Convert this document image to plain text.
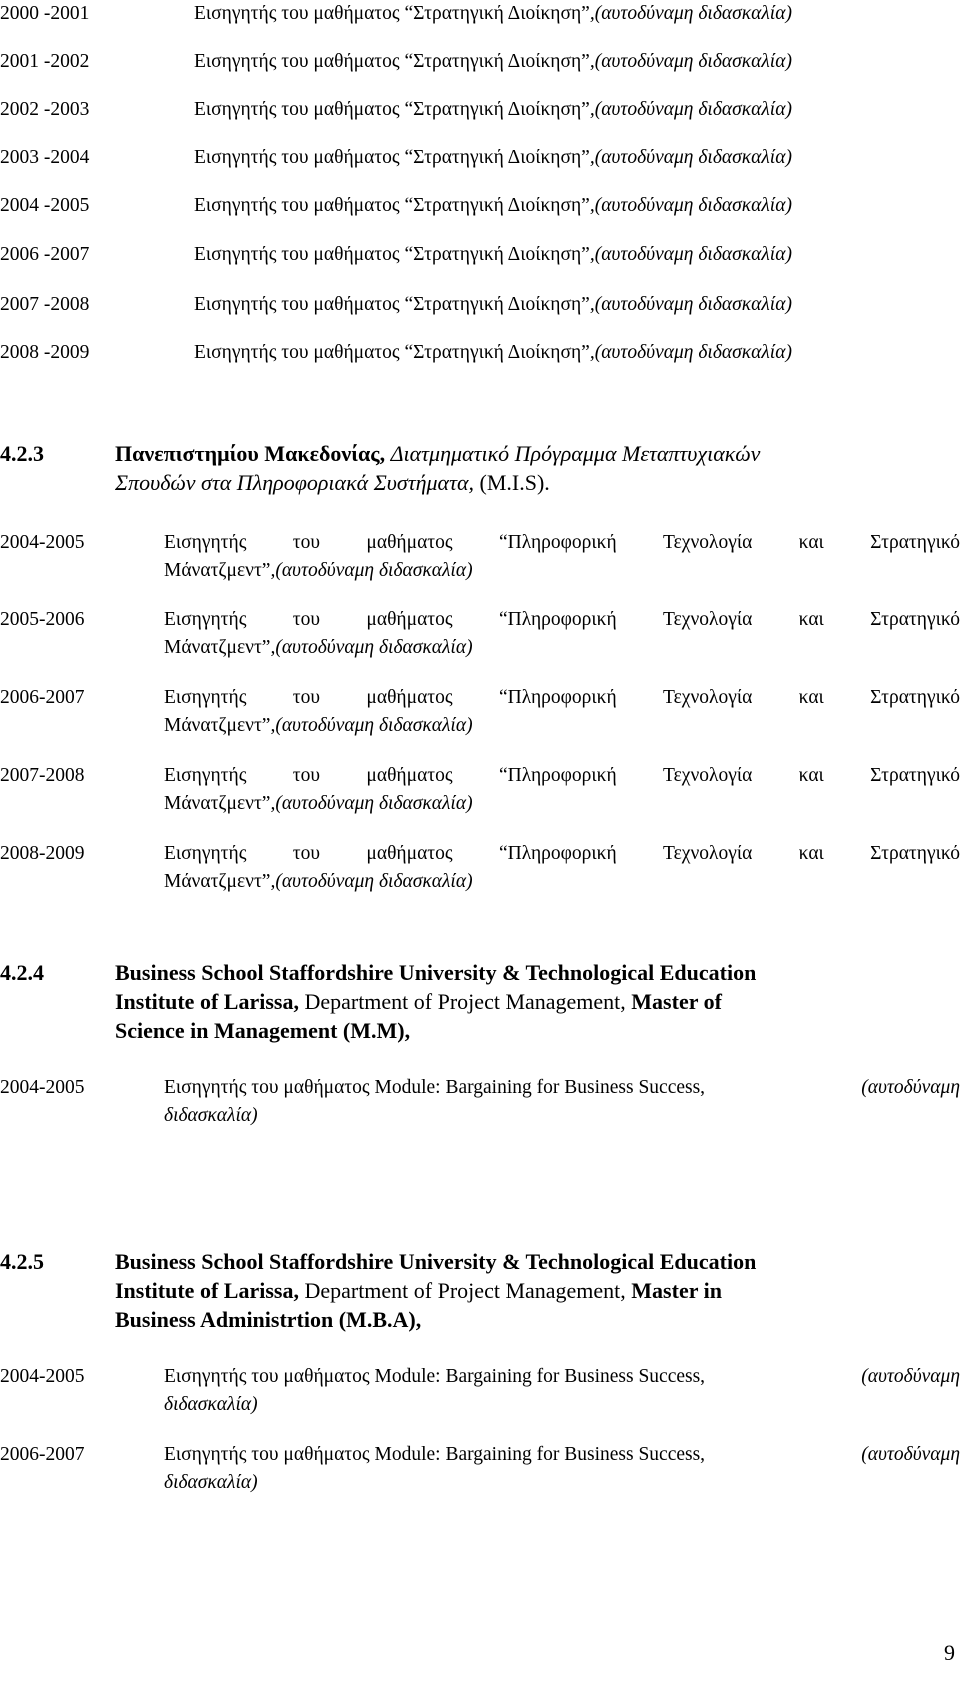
2000 -2001	Εισηγητής του μαθήματος “Στρατηγική Διοίκηση”,(αυτοδύναμη διδασκαλία)
2001 -2002	Εισηγητής του μαθήματος “Στρατηγική Διοίκηση”,(αυτοδύναμη διδασκαλία)
2002 -2003	Εισηγητής του μαθήματος “Στρατηγική Διοίκηση”,(αυτοδύναμη διδασκαλία)
2003 -2004	Εισηγητής του μαθήματος “Στρατηγική Διοίκηση”,(αυτοδύναμη διδασκαλία)
2004 -2005	Εισηγητής του μαθήματος “Στρατηγική Διοίκηση”,(αυτοδύναμη διδασκαλία)
2006 -2007	Εισηγητής του μαθήματος “Στρατηγική Διοίκηση”,(αυτοδύναμη διδασκαλία)
2007 -2008	Εισηγητής του μαθήματος “Στρατηγική Διοίκηση”,(αυτοδύναμη διδασκαλία)
2008 -2009	Εισηγητής του μαθήματος “Στρατηγική Διοίκηση”,(αυτοδύναμη διδασκαλία)
4.2.3	Πανεπιστημίου Μακεδονίας, Διατμηματικό Πρόγραμμα Μεταπτυχιακών
Σπουδών στα Πληροφοριακά Συστήματα, (M.I.S).
2004-2005	Εισηγητής του μαθήματος “Πληροφορική Τεχνολογία και Στρατηγικό
Μάνατζμεντ”,(αυτοδύναμη διδασκαλία)
2005-2006	Εισηγητής του μαθήματος “Πληροφορική Τεχνολογία και Στρατηγικό
Μάνατζμεντ”,(αυτοδύναμη διδασκαλία)
2006-2007	Εισηγητής του μαθήματος “Πληροφορική Τεχνολογία και Στρατηγικό
Μάνατζμεντ”,(αυτοδύναμη διδασκαλία)
2007-2008	Εισηγητής του μαθήματος “Πληροφορική Τεχνολογία και Στρατηγικό
Μάνατζμεντ”,(αυτοδύναμη διδασκαλία)
2008-2009	Εισηγητής του μαθήματος “Πληροφορική Τεχνολογία και Στρατηγικό
Μάνατζμεντ”,(αυτοδύναμη διδασκαλία)
4.2.4	Business School Staffordshire University & Technological Education
Institute of Larissa, Department of Project Management, Master of
Science in Management (M.M),
2004-2005	Εισηγητής του μαθήματος Module: Bargaining for Business Success,	(αυτοδύναμη
διδασκαλία)
4.2.5	Business School Staffordshire University & Technological Education
Institute of Larissa, Department of Project Management, Master in
Business Administrtion (M.B.A),
2004-2005	Εισηγητής του μαθήματος Module: Bargaining for Business Success,	(αυτοδύναμη
διδασκαλία)
2006-2007	Εισηγητής του μαθήματος Module: Bargaining for Business Success,	(αυτοδύναμη
διδασκαλία)
9
